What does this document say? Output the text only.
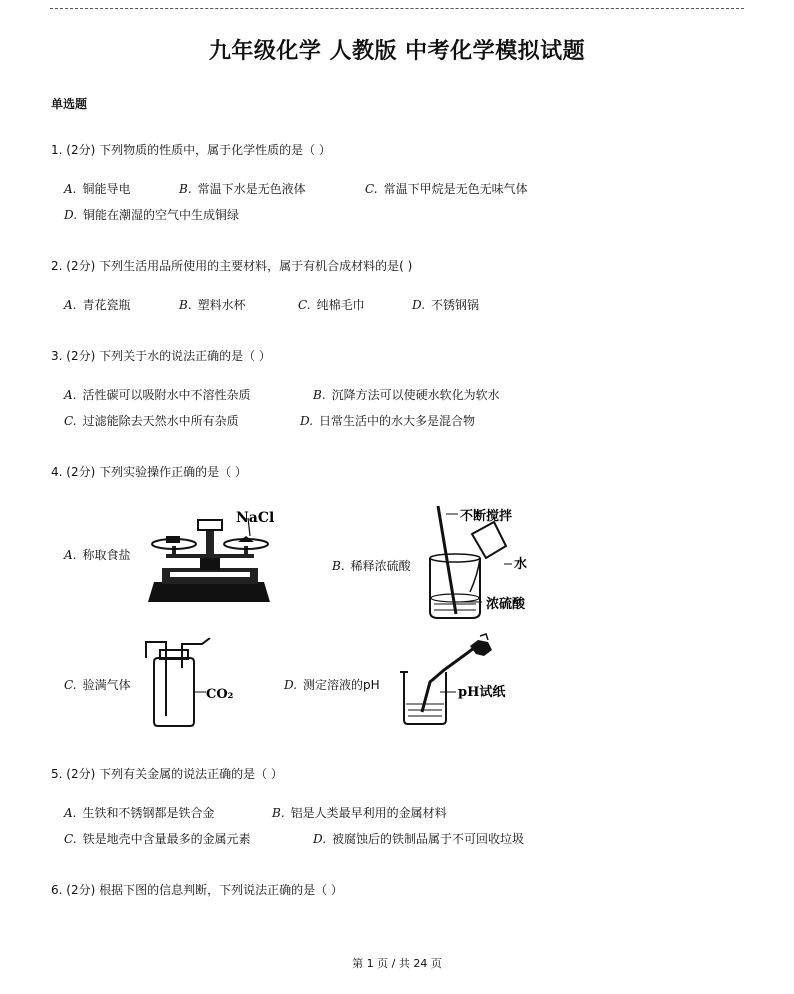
九年级化学 人教版 中考化学模拟试题
单选题
1. (2分) 下列物质的性质中，属于化学性质的是（ ）
A. 铜能导电	B. 常温下水是无色液体	C. 常温下甲烷是无色无味气体
D. 铜能在潮湿的空气中生成铜绿
2. (2分) 下列生活用品所使用的主要材料，属于有机合成材料的是( )
A. 青花瓷瓶	B. 塑料水杯	C. 纯棉毛巾	D. 不锈钢锅
3. (2分) 下列关于水的说法正确的是（ ）
A. 活性碳可以吸附水中不溶性杂质	B. 沉降方法可以使硬水软化为软水
C. 过滤能除去天然水中所有杂质	D. 日常生活中的水大多是混合物
4. (2分) 下列实验操作正确的是（ ）
A. 称取食盐
B. 稀释浓硫酸
C. 验满气体	D. 测定溶液的pH
NaCl	不断搅拌
水
浓硫酸
CO₂	pH试纸
5. (2分) 下列有关金属的说法正确的是（ ）
A. 生铁和不锈钢都是铁合金	B. 铝是人类最早利用的金属材料
C. 铁是地壳中含量最多的金属元素	D. 被腐蚀后的铁制品属于不可回收垃圾
6. (2分) 根据下图的信息判断，下列说法正确的是（ ）
第 1 页 / 共 24 页
